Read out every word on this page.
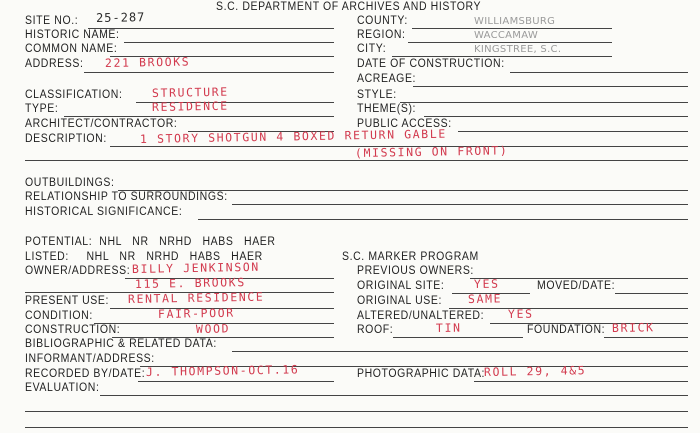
S.C. DEPARTMENT OF ARCHIVES AND HISTORY
SITE NO.: 25-287
HISTORIC NAME:
COMMON NAME:
ADDRESS: 221 BROOKS
COUNTY:	WILLIAMSBURG
REGION:	WACCAMAW
CITY:	KINGSTREE, S.C.
DATE OF CONSTRUCTION:
ACREAGE:
CLASSIFICATION:	STRUCTURE
TYPE:	RESIDENCE
ARCHITECT/CONTRACTOR:
DESCRIPTION:	1 STORY SHOTGUN 4 BOXED RETURN GABLE
(MISSING ON FRONT)
STYLE:
THEME(S):
PUBLIC ACCESS:
OUTBUILDINGS:
RELATIONSHIP TO SURROUNDINGS:
HISTORICAL SIGNIFICANCE:
POTENTIAL:  NHL   NR   NRHD   HABS   HAER
LISTED:     NHL   NR   NRHD   HABS   HAER	S.C. MARKER PROGRAM
OWNER/ADDRESS: BILLY JENKINSON
115 E. BROOKS
PREVIOUS OWNERS:
ORIGINAL SITE:	YES	MOVED/DATE:
PRESENT USE: RENTAL RESIDENCE	ORIGINAL USE: SAME
CONDITION:	FAIR-POOR	ALTERED/UNALTERED: YES
CONSTRUCTION:	WOOD	ROOF:	TIN	FOUNDATION: BRICK
BIBLIOGRAPHIC & RELATED DATA:
INFORMANT/ADDRESS:
RECORDED BY/DATE: J. THOMPSON-OCT.16	PHOTOGRAPHIC DATA:
ROLL 29, 4&5
EVALUATION:
